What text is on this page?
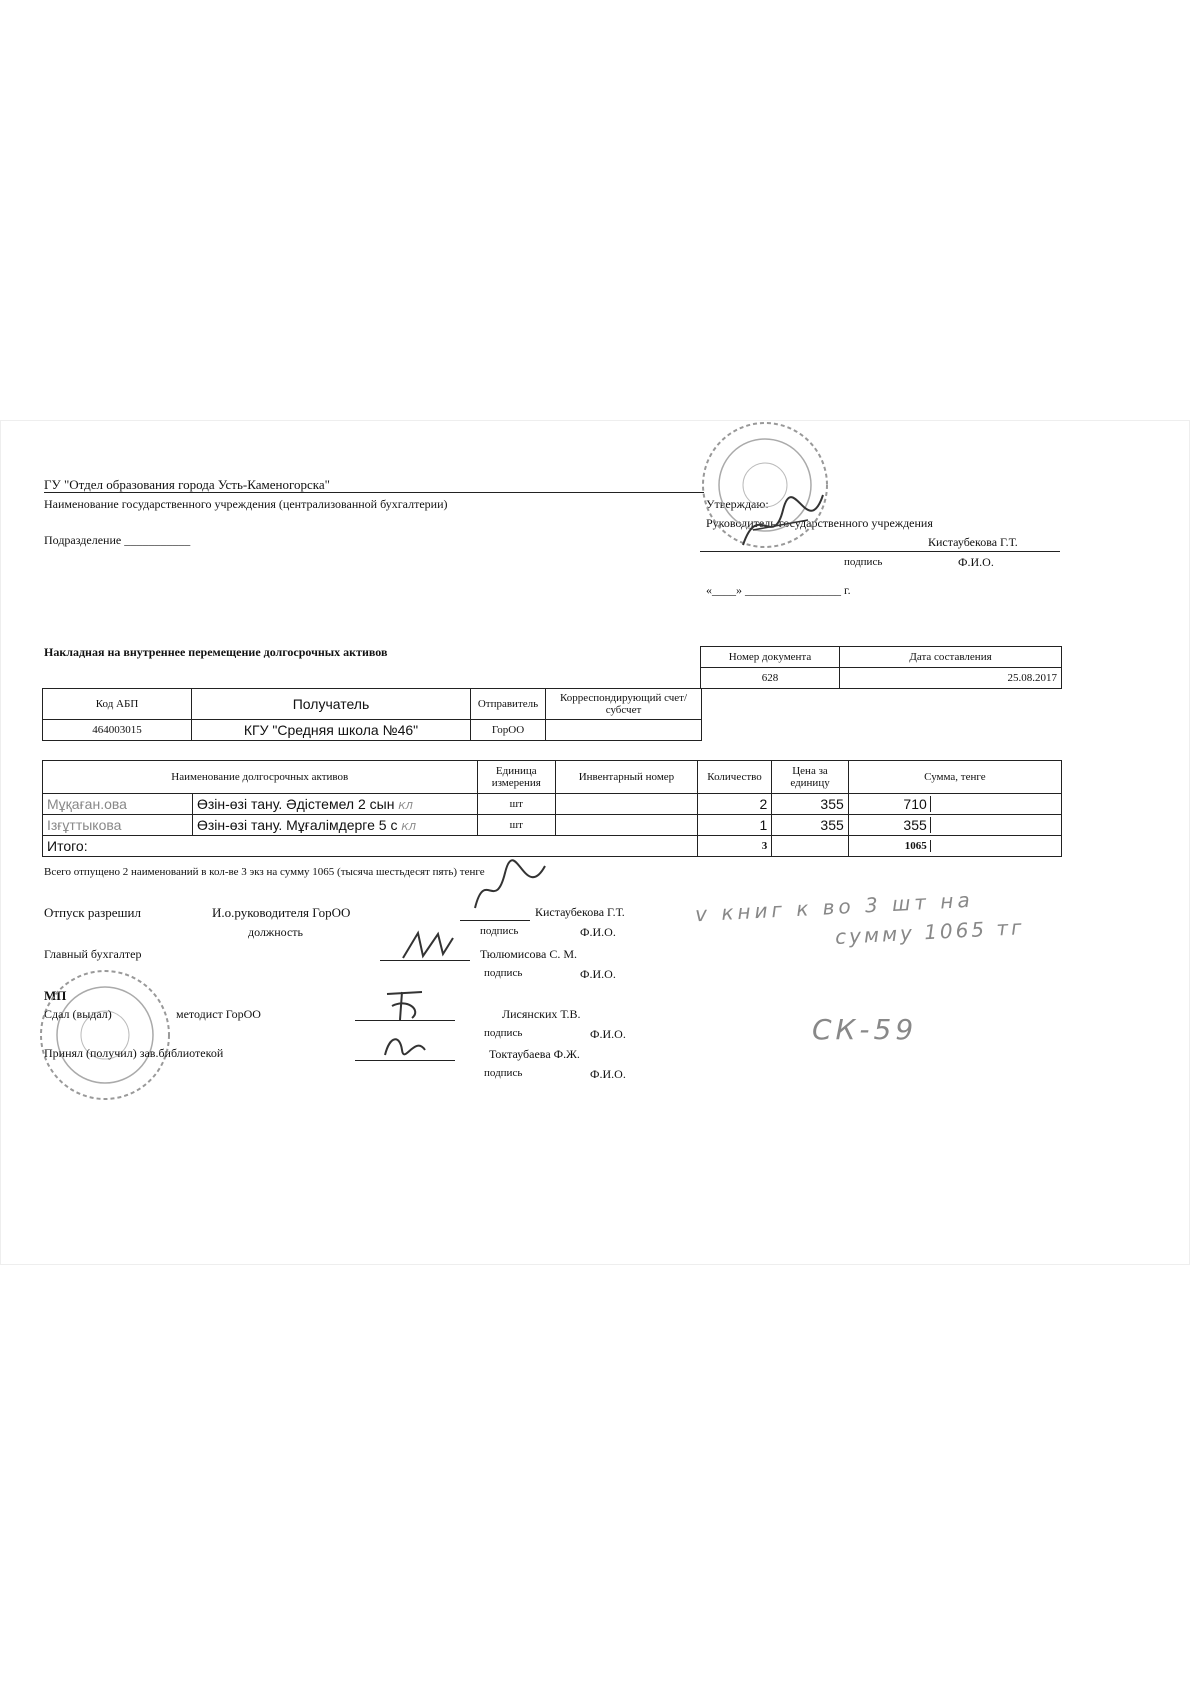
ГУ "Отдел образования города Усть-Каменогорска"
Наименование государственного учреждения (централизованной бухгалтерии)
Подразделение ___________
Утверждаю:
Руководитель государственного учреждения
Кистаубекова Г.Т.
подпись	Ф.И.О.
«____» ________________ г.
Накладная на внутреннее перемещение долгосрочных активов	Номер документа	Дата составления
628	25.08.2017
Код АБП	Получатель	Отправитель	Корреспондирующий счет/субсчет
464003015	КГУ "Средняя школа №46"	ГорОО	
Наименование долгосрочных активов		Единица измерения	Инвентарный номер	Количество	Цена за единицу	Сумма, тенге
Мұқаған.ова	Өзін-өзі тану. Әдістемел 2 сын КЛ	шт		2	355	710
Ізғұттыкова	Өзін-өзі тану. Мұғалімдерге 5 с КЛ	шт		1	355	355
Итого:				3		1065
Всего отпущено 2 наименований в кол-ве 3 экз на сумму 1065 (тысяча шестьдесят пять) тенге
Отпуск разрешил	И.о.руководителя ГорОО
должность
Кистаубекова Г.Т.
подпись	Ф.И.О.
Главный бухгалтер	Тюлюмисова С. М.
подпись	Ф.И.О.
МП
Сдал (выдал)	методист ГорОО	Лисянских Т.В.
подпись	Ф.И.О.
Принял (получил) зав.библиотекой	Токтаубаева Ф.Ж.
подпись	Ф.И.О.
v книг к во 3 шт на
сумму 1065 тг
СК-59
